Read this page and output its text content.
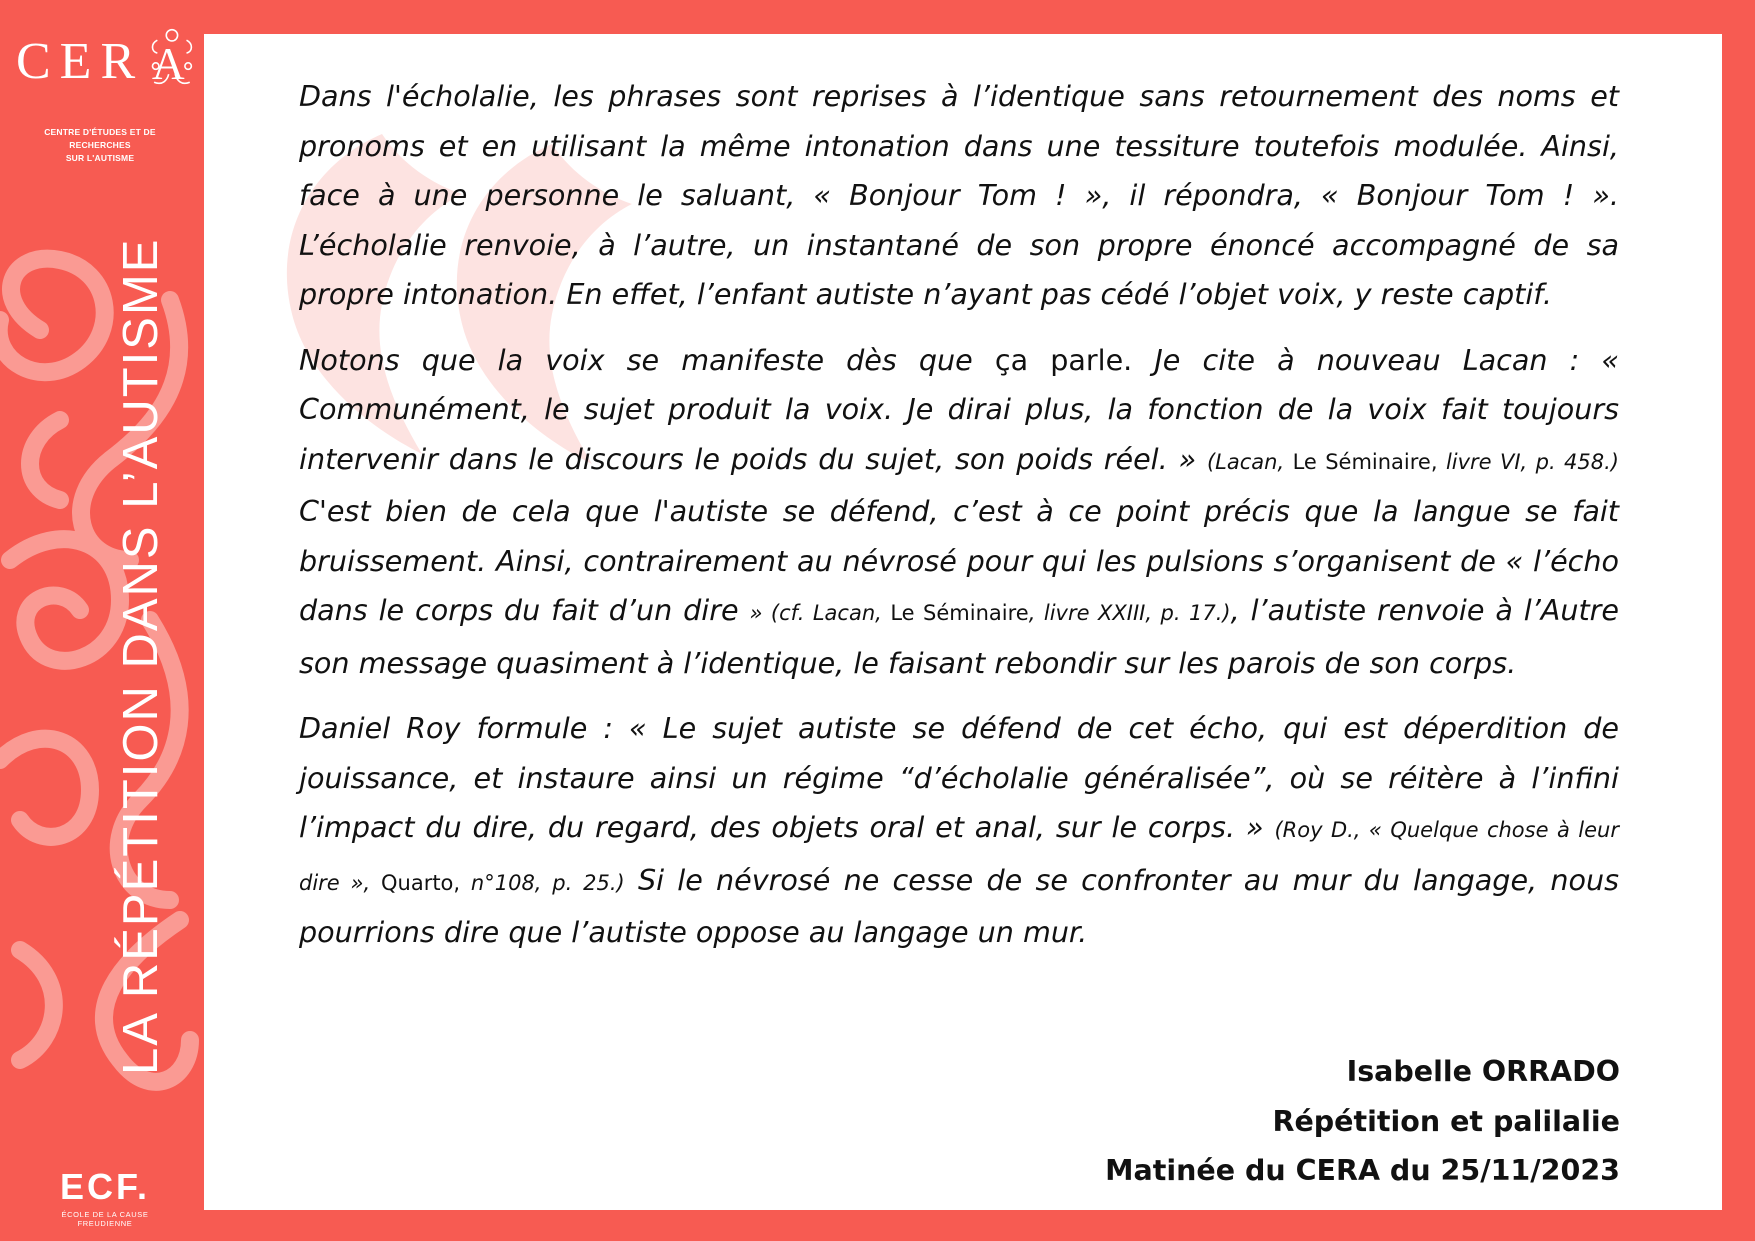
CER A
CENTRE D'ÉTUDES ET DE RECHERCHES
SUR L'AUTISME
LA RÉPÉTITION DANS L’AUTISME
ECF.
ÉCOLE DE LA CAUSE FREUDIENNE

Dans l'écholalie, les phrases sont reprises à l’identique sans retournement des noms et pronoms et en utilisant la même intonation dans une tessiture toutefois modulée. Ainsi, face à une personne le saluant, « Bonjour Tom ! », il répondra, « Bonjour Tom ! ». L’écholalie renvoie, à l’autre, un instantané de son propre énoncé accompagné de sa propre intonation. En effet, l’enfant autiste n’ayant pas cédé l’objet voix, y reste captif.

Notons que la voix se manifeste dès que ça parle. Je cite à nouveau Lacan : « Communément, le sujet produit la voix. Je dirai plus, la fonction de la voix fait toujours intervenir dans le discours le poids du sujet, son poids réel. » (Lacan, Le Séminaire, livre VI, p. 458.) C'est bien de cela que l'autiste se défend, c’est à ce point précis que la langue se fait bruissement. Ainsi, contrairement au névrosé pour qui les pulsions s’organisent de « l’écho dans le corps du fait d’un dire » (cf. Lacan, Le Séminaire, livre XXIII, p. 17.), l’autiste renvoie à l’Autre son message quasiment à l’identique, le faisant rebondir sur les parois de son corps.

Daniel Roy formule : « Le sujet autiste se défend de cet écho, qui est déperdition de jouissance, et instaure ainsi un régime “d’écholalie généralisée”, où se réitère à l’infini l’impact du dire, du regard, des objets oral et anal, sur le corps. » (Roy D., « Quelque chose à leur dire », Quarto, n°108, p. 25.) Si le névrosé ne cesse de se confronter au mur du langage, nous pourrions dire que l’autiste oppose au langage un mur.

Isabelle ORRADO
Répétition et palilalie
Matinée du CERA du 25/11/2023
